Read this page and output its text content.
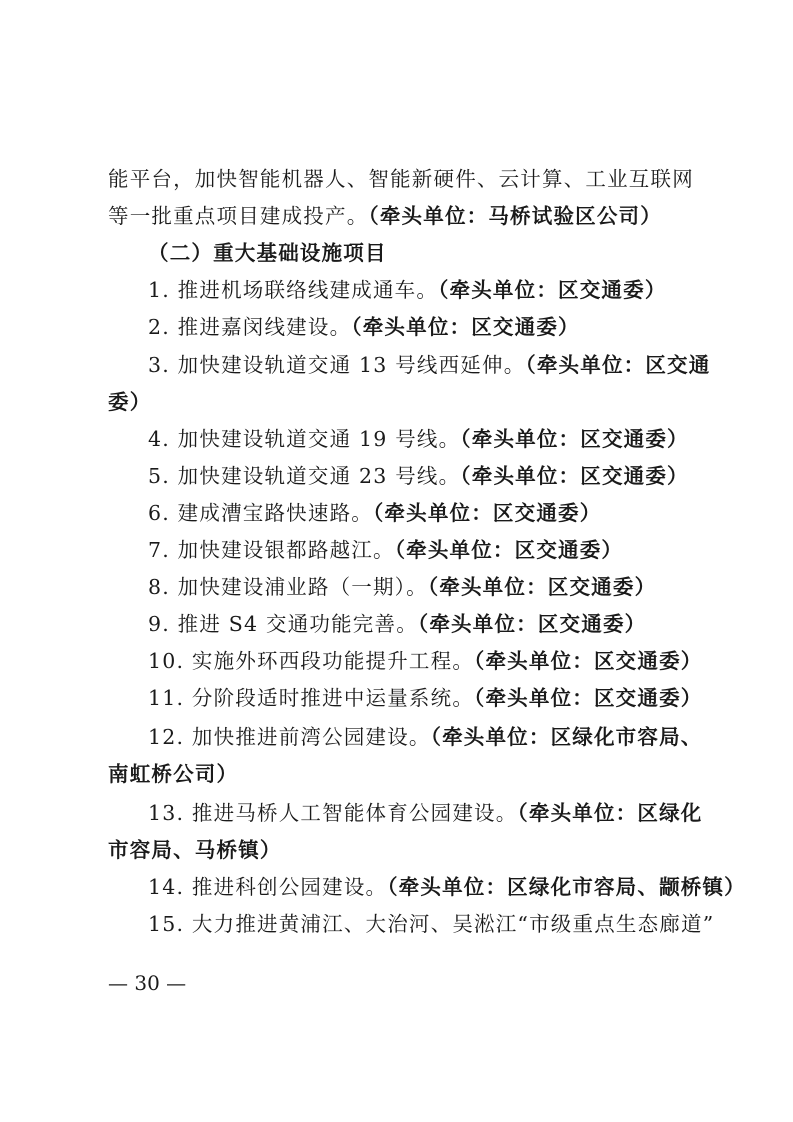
能平台，加快智能机器人、智能新硬件、云计算、工业互联网
等一批重点项目建成投产。（牵头单位：马桥试验区公司）
（二）重大基础设施项目
1. 推进机场联络线建成通车。（牵头单位：区交通委）
2. 推进嘉闵线建设。（牵头单位：区交通委）
3. 加快建设轨道交通 13 号线西延伸。（牵头单位：区交通
委）
4. 加快建设轨道交通 19 号线。（牵头单位：区交通委）
5. 加快建设轨道交通 23 号线。（牵头单位：区交通委）
6. 建成漕宝路快速路。（牵头单位：区交通委）
7. 加快建设银都路越江。（牵头单位：区交通委）
8. 加快建设浦业路（一期）。（牵头单位：区交通委）
9. 推进 S4 交通功能完善。（牵头单位：区交通委）
10. 实施外环西段功能提升工程。（牵头单位：区交通委）
11. 分阶段适时推进中运量系统。（牵头单位：区交通委）
12. 加快推进前湾公园建设。（牵头单位：区绿化市容局、
南虹桥公司）
13. 推进马桥人工智能体育公园建设。（牵头单位：区绿化
市容局、马桥镇）
14. 推进科创公园建设。（牵头单位：区绿化市容局、颛桥镇）
15. 大力推进黄浦江、大治河、吴淞江“市级重点生态廊道”
— 30 —
